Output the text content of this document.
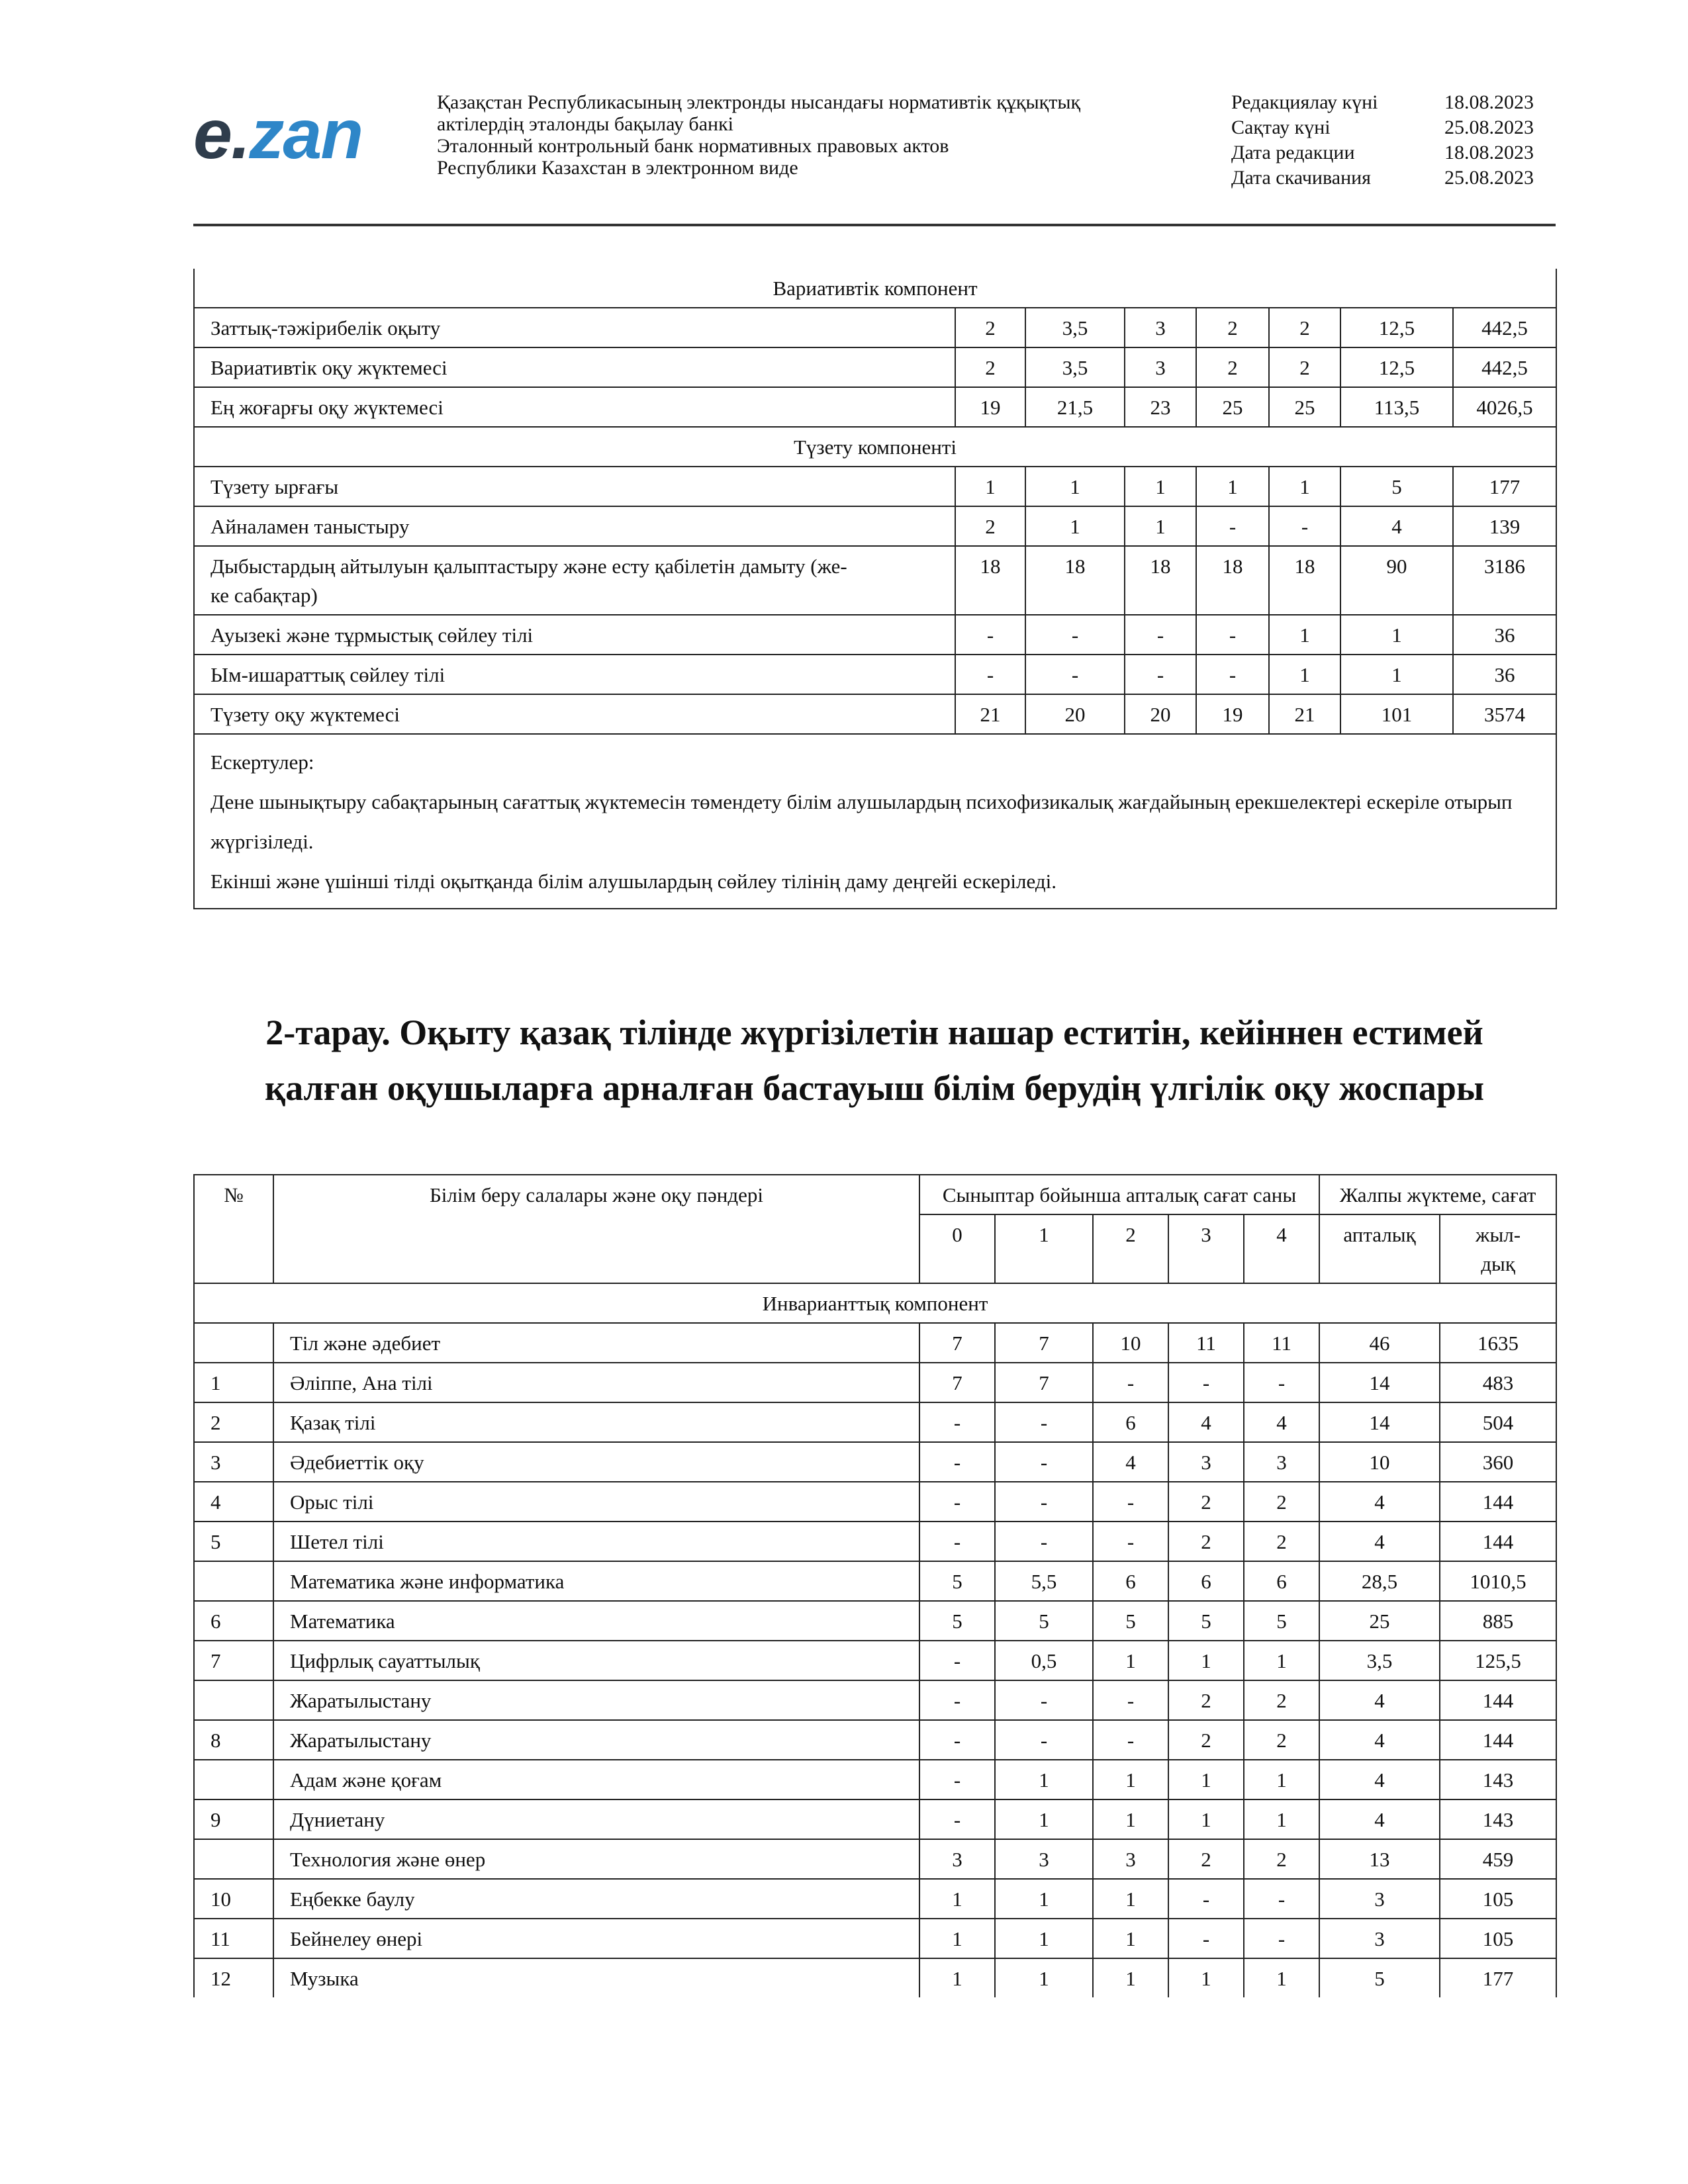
e.zan	Қазақстан Республикасының электронды нысандағы нормативтік құқықтық
актілердің эталонды бақылау банкі
Эталонный контрольный банк нормативных правовых актов
Республики Казахстан в электронном виде
Редакциялау күні	18.08.2023
Сақтау күні	25.08.2023
Дата редакции	18.08.2023
Дата скачивания	25.08.2023
Вариативтік компонент							
Заттық-тәжірибелік оқыту	2	3,5	3	2	2	12,5	442,5
Вариативтік оқу жүктемесі	2	3,5	3	2	2	12,5	442,5
Ең жоғарғы оқу жүктемесі	19	21,5	23	25	25	113,5	4026,5
Түзету компоненті							
Түзету ырғағы	1	1	1	1	1	5	177
Айналамен таныстыру	2	1	1	-	-	4	139
Дыбыстардың айтылуын қалыптастыру және есту қабілетін дамыту (же-
ке сабақтар)	18	18	18	18	18	90	3186
Ауызекі және тұрмыстық сөйлеу тілі	-	-	-	-	1	1	36
Ым-ишараттық сөйлеу тілі	-	-	-	-	1	1	36
Түзету оқу жүктемесі	21	20	20	19	21	101	3574

Ескертулер:
Дене шынықтыру сабақтарының сағаттық жүктемесін төмендету білім алушылардың психофизикалық жағдайының ерекшелектері ескеріле отырып жүргізіледі.
Екінші және үшінші тілді оқытқанда білім алушылардың сөйлеу тілінің даму деңгейі ескеріледі.							
2-тарау. Оқыту қазақ тілінде жүргізілетін нашар еститін, кейіннен естимей
қалған оқушыларға арналған бастауыш білім берудің үлгілік оқу жоспары
№	Білім беру салалары және оқу пәндері	Сыныптар бойынша апталық сағат саны					Жалпы жүктеме, сағат	
		0	1	2	3	4	апталық	жыл-
дық
Инварианттық компонент								
	Тіл және әдебиет	7	7	10	11	11	46	1635
1	Әліппе, Ана тілі	7	7	-	-	-	14	483
2	Қазақ тілі	-	-	6	4	4	14	504
3	Әдебиеттік оқу	-	-	4	3	3	10	360
4	Орыс тілі	-	-	-	2	2	4	144
5	Шетел тілі	-	-	-	2	2	4	144
	Математика және информатика	5	5,5	6	6	6	28,5	1010,5
6	Математика	5	5	5	5	5	25	885
7	Цифрлық сауаттылық	-	0,5	1	1	1	3,5	125,5
	Жаратылыстану	-	-	-	2	2	4	144
8	Жаратылыстану	-	-	-	2	2	4	144
	Адам және қоғам	-	1	1	1	1	4	143
9	Дүниетану	-	1	1	1	1	4	143
	Технология және өнер	3	3	3	2	2	13	459
10	Еңбекке баулу	1	1	1	-	-	3	105
11	Бейнелеу өнері	1	1	1	-	-	3	105
12	Музыка	1	1	1	1	1	5	177
